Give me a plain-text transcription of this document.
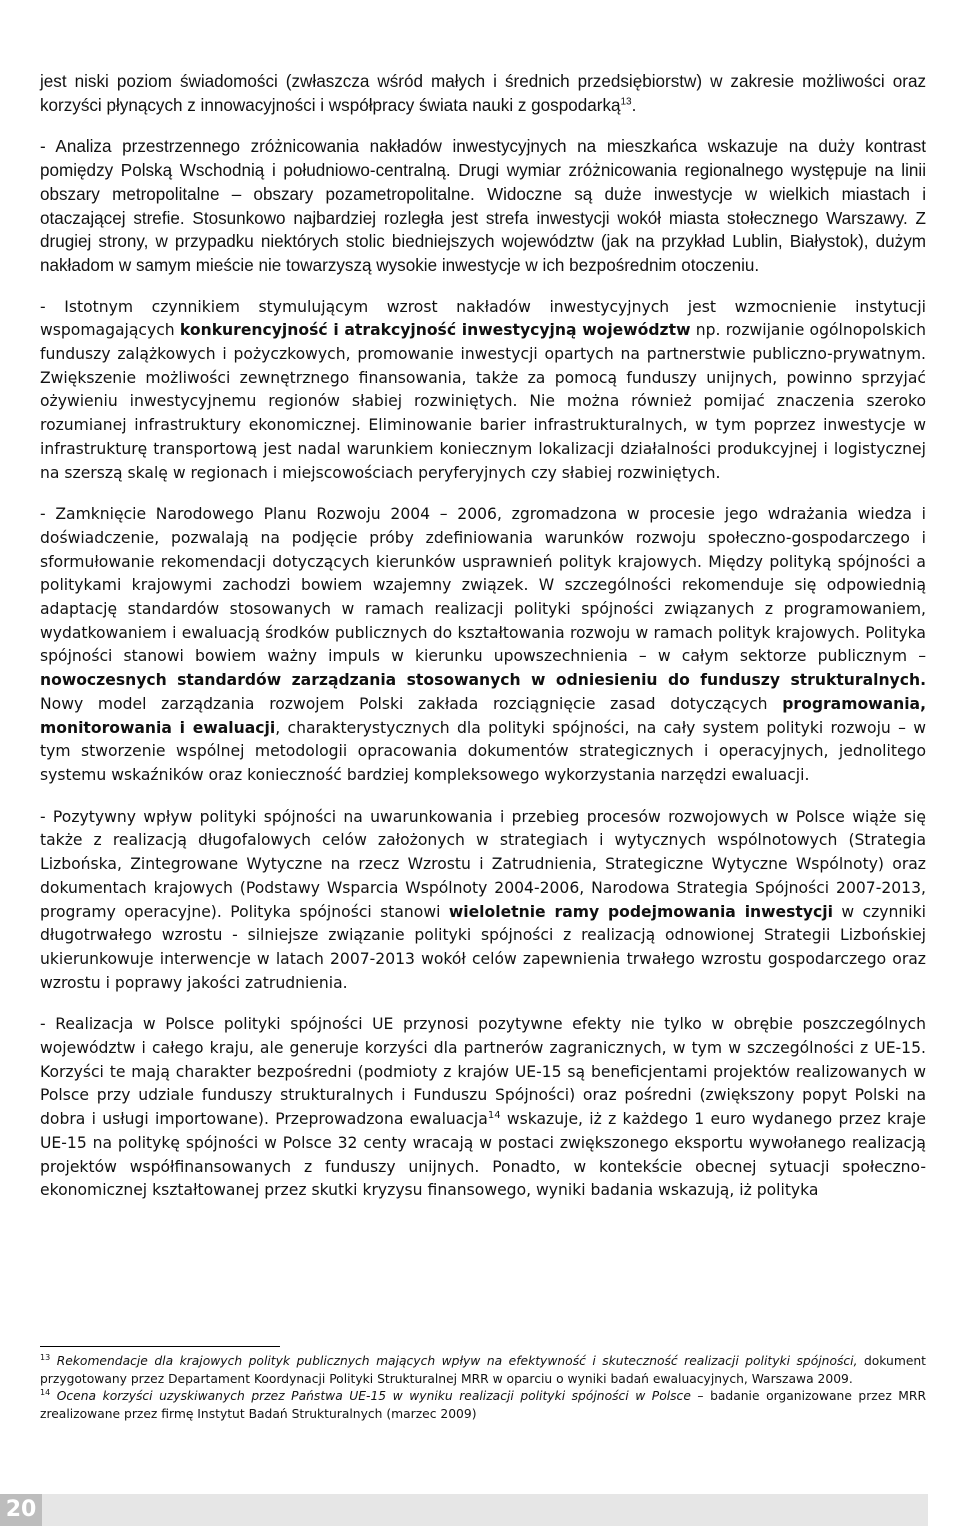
jest niski poziom świadomości (zwłaszcza wśród małych i średnich przedsiębiorstw) w zakresie możliwości oraz korzyści płynących z innowacyjności i współpracy świata nauki z gospodarką$^{13}$.

- Analiza przestrzennego zróżnicowania nakładów inwestycyjnych na mieszkańca wskazuje na duży kontrast pomiędzy Polską Wschodnią i południowo-centralną. Drugi wymiar zróżnicowania regionalnego występuje na linii obszary metropolitalne – obszary pozametropolitalne. Widoczne są duże inwestycje w wielkich miastach i otaczającej strefie. Stosunkowo najbardziej rozległa jest strefa inwestycji wokół miasta stołecznego Warszawy. Z drugiej strony, w przypadku niektórych stolic biedniejszych województw (jak na przykład Lublin, Białystok), dużym nakładom w samym mieście nie towarzyszą wysokie inwestycje w ich bezpośrednim otoczeniu.

- Istotnym czynnikiem stymulującym wzrost nakładów inwestycyjnych jest wzmocnienie instytucji wspomagających konkurencyjność i atrakcyjność inwestycyjną województw np. rozwijanie ogólnopolskich funduszy zalążkowych i pożyczkowych, promowanie inwestycji opartych na partnerstwie publiczno-prywatnym. Zwiększenie możliwości zewnętrznego finansowania, także za pomocą funduszy unijnych, powinno sprzyjać ożywieniu inwestycyjnemu regionów słabiej rozwiniętych. Nie można również pomijać znaczenia szeroko rozumianej infrastruktury ekonomicznej. Eliminowanie barier infrastrukturalnych, w tym poprzez inwestycje w infrastrukturę transportową jest nadal warunkiem koniecznym lokalizacji działalności produkcyjnej i logistycznej na szerszą skalę w regionach i miejscowościach peryferyjnych czy słabiej rozwiniętych.

- Zamknięcie Narodowego Planu Rozwoju 2004 – 2006, zgromadzona w procesie jego wdrażania wiedza i doświadczenie, pozwalają na podjęcie próby zdefiniowania warunków rozwoju społeczno-gospodarczego i sformułowanie rekomendacji dotyczących kierunków usprawnień polityk krajowych. Między polityką spójności a politykami krajowymi zachodzi bowiem wzajemny związek. W szczególności rekomenduje się odpowiednią adaptację standardów stosowanych w ramach realizacji polityki spójności związanych z programowaniem, wydatkowaniem i ewaluacją środków publicznych do kształtowania rozwoju w ramach polityk krajowych. Polityka spójności stanowi bowiem ważny impuls w kierunku upowszechnienia – w całym sektorze publicznym – nowoczesnych standardów zarządzania stosowanych w odniesieniu do funduszy strukturalnych. Nowy model zarządzania rozwojem Polski zakłada rozciągnięcie zasad dotyczących programowania, monitorowania i ewaluacji, charakterystycznych dla polityki spójności, na cały system polityki rozwoju – w tym stworzenie wspólnej metodologii opracowania dokumentów strategicznych i operacyjnych, jednolitego systemu wskaźników oraz konieczność bardziej kompleksowego wykorzystania narzędzi ewaluacji.

- Pozytywny wpływ polityki spójności na uwarunkowania i przebieg procesów rozwojowych w Polsce wiąże się także z realizacją długofalowych celów założonych w strategiach i wytycznych wspólnotowych (Strategia Lizbońska, Zintegrowane Wytyczne na rzecz Wzrostu i Zatrudnienia, Strategiczne Wytyczne Wspólnoty) oraz dokumentach krajowych (Podstawy Wsparcia Wspólnoty 2004-2006, Narodowa Strategia Spójności 2007-2013, programy operacyjne). Polityka spójności stanowi wieloletnie ramy podejmowania inwestycji w czynniki długotrwałego wzrostu - silniejsze związanie polityki spójności z realizacją odnowionej Strategii Lizbońskiej ukierunkowuje interwencje w latach 2007-2013 wokół celów zapewnienia trwałego wzrostu gospodarczego oraz wzrostu i poprawy jakości zatrudnienia.

- Realizacja w Polsce polityki spójności UE przynosi pozytywne efekty nie tylko w obrębie poszczególnych województw i całego kraju, ale generuje korzyści dla partnerów zagranicznych, w tym w szczególności z UE-15. Korzyści te mają charakter bezpośredni (podmioty z krajów UE-15 są beneficjentami projektów realizowanych w Polsce przy udziale funduszy strukturalnych i Funduszu Spójności) oraz pośredni (zwiększony popyt Polski na dobra i usługi importowane). Przeprowadzona ewaluacja$^{14}$ wskazuje, iż z każdego 1 euro wydanego przez kraje UE-15 na politykę spójności w Polsce 32 centy wracają w postaci zwiększonego eksportu wywołanego realizacją projektów współfinansowanych z funduszy unijnych. Ponadto, w kontekście obecnej sytuacji społeczno-ekonomicznej kształtowanej przez skutki kryzysu finansowego, wyniki badania wskazują, iż polityka

$^{13}$ Rekomendacje dla krajowych polityk publicznych mających wpływ na efektywność i skuteczność realizacji polityki spójności, dokument przygotowany przez Departament Koordynacji Polityki Strukturalnej MRR w oparciu o wyniki badań ewaluacyjnych, Warszawa 2009.

$^{14}$ Ocena korzyści uzyskiwanych przez Państwa UE-15 w wyniku realizacji polityki spójności w Polsce – badanie organizowane przez MRR zrealizowane przez firmę Instytut Badań Strukturalnych (marzec 2009)

20
